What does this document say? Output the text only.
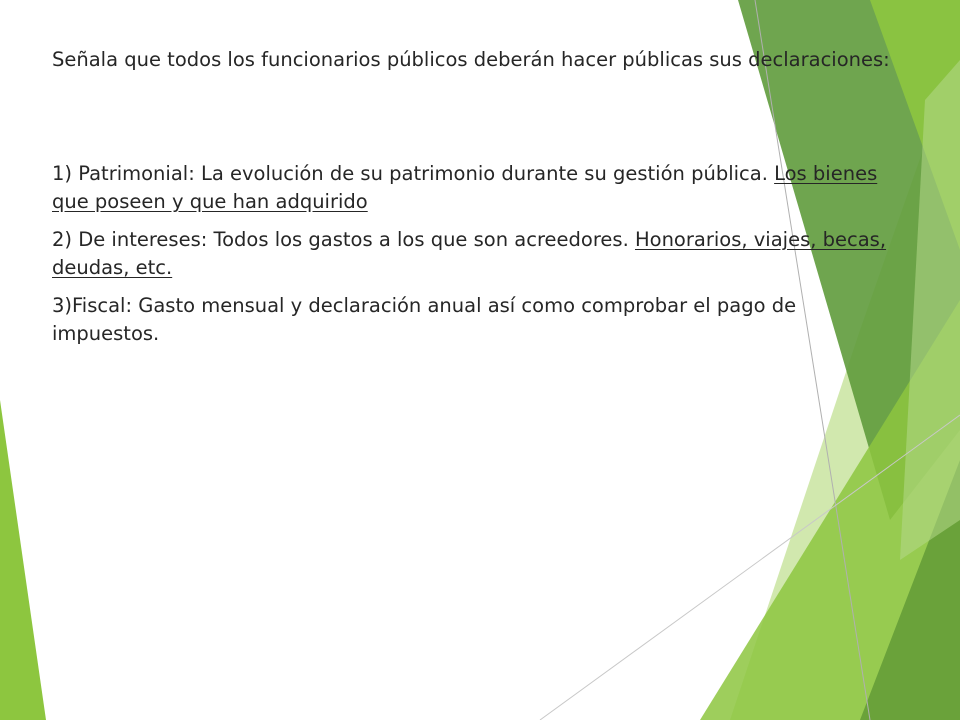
Señala que todos los funcionarios públicos deberán hacer públicas sus declaraciones:

1) Patrimonial: La evolución de su patrimonio durante su gestión pública. Los bienes que poseen y que han adquirido

2) De intereses: Todos los gastos a los que son acreedores. Honorarios, viajes, becas, deudas, etc.

3)Fiscal: Gasto mensual y declaración anual así como comprobar el pago de impuestos.
